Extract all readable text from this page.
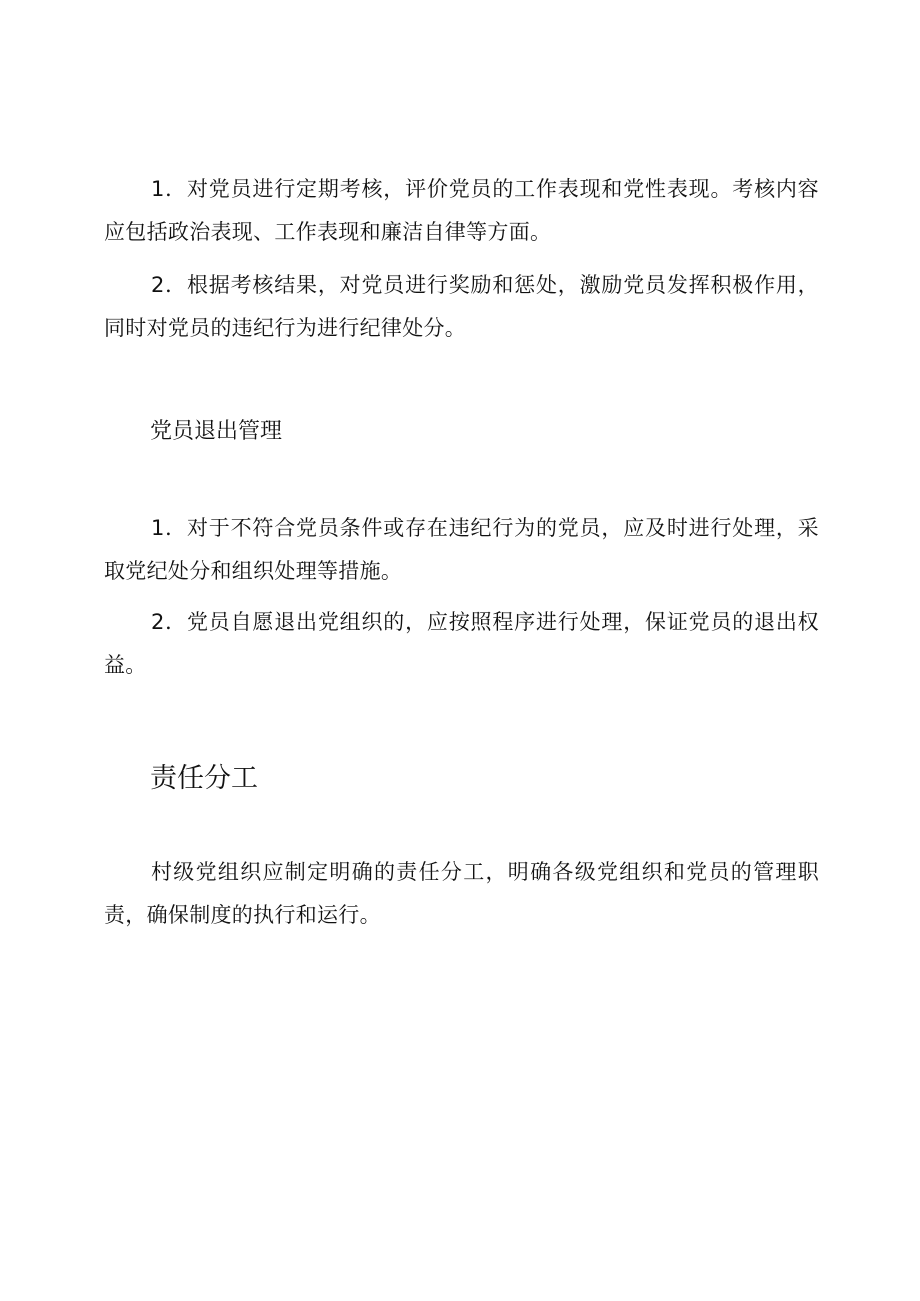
1．对党员进行定期考核，评价党员的工作表现和党性表现。考核内容应包括政治表现、工作表现和廉洁自律等方面。

2．根据考核结果，对党员进行奖励和惩处，激励党员发挥积极作用，同时对党员的违纪行为进行纪律处分。

党员退出管理

1．对于不符合党员条件或存在违纪行为的党员，应及时进行处理，采取党纪处分和组织处理等措施。

2．党员自愿退出党组织的，应按照程序进行处理，保证党员的退出权益。

责任分工

村级党组织应制定明确的责任分工，明确各级党组织和党员的管理职责，确保制度的执行和运行。
